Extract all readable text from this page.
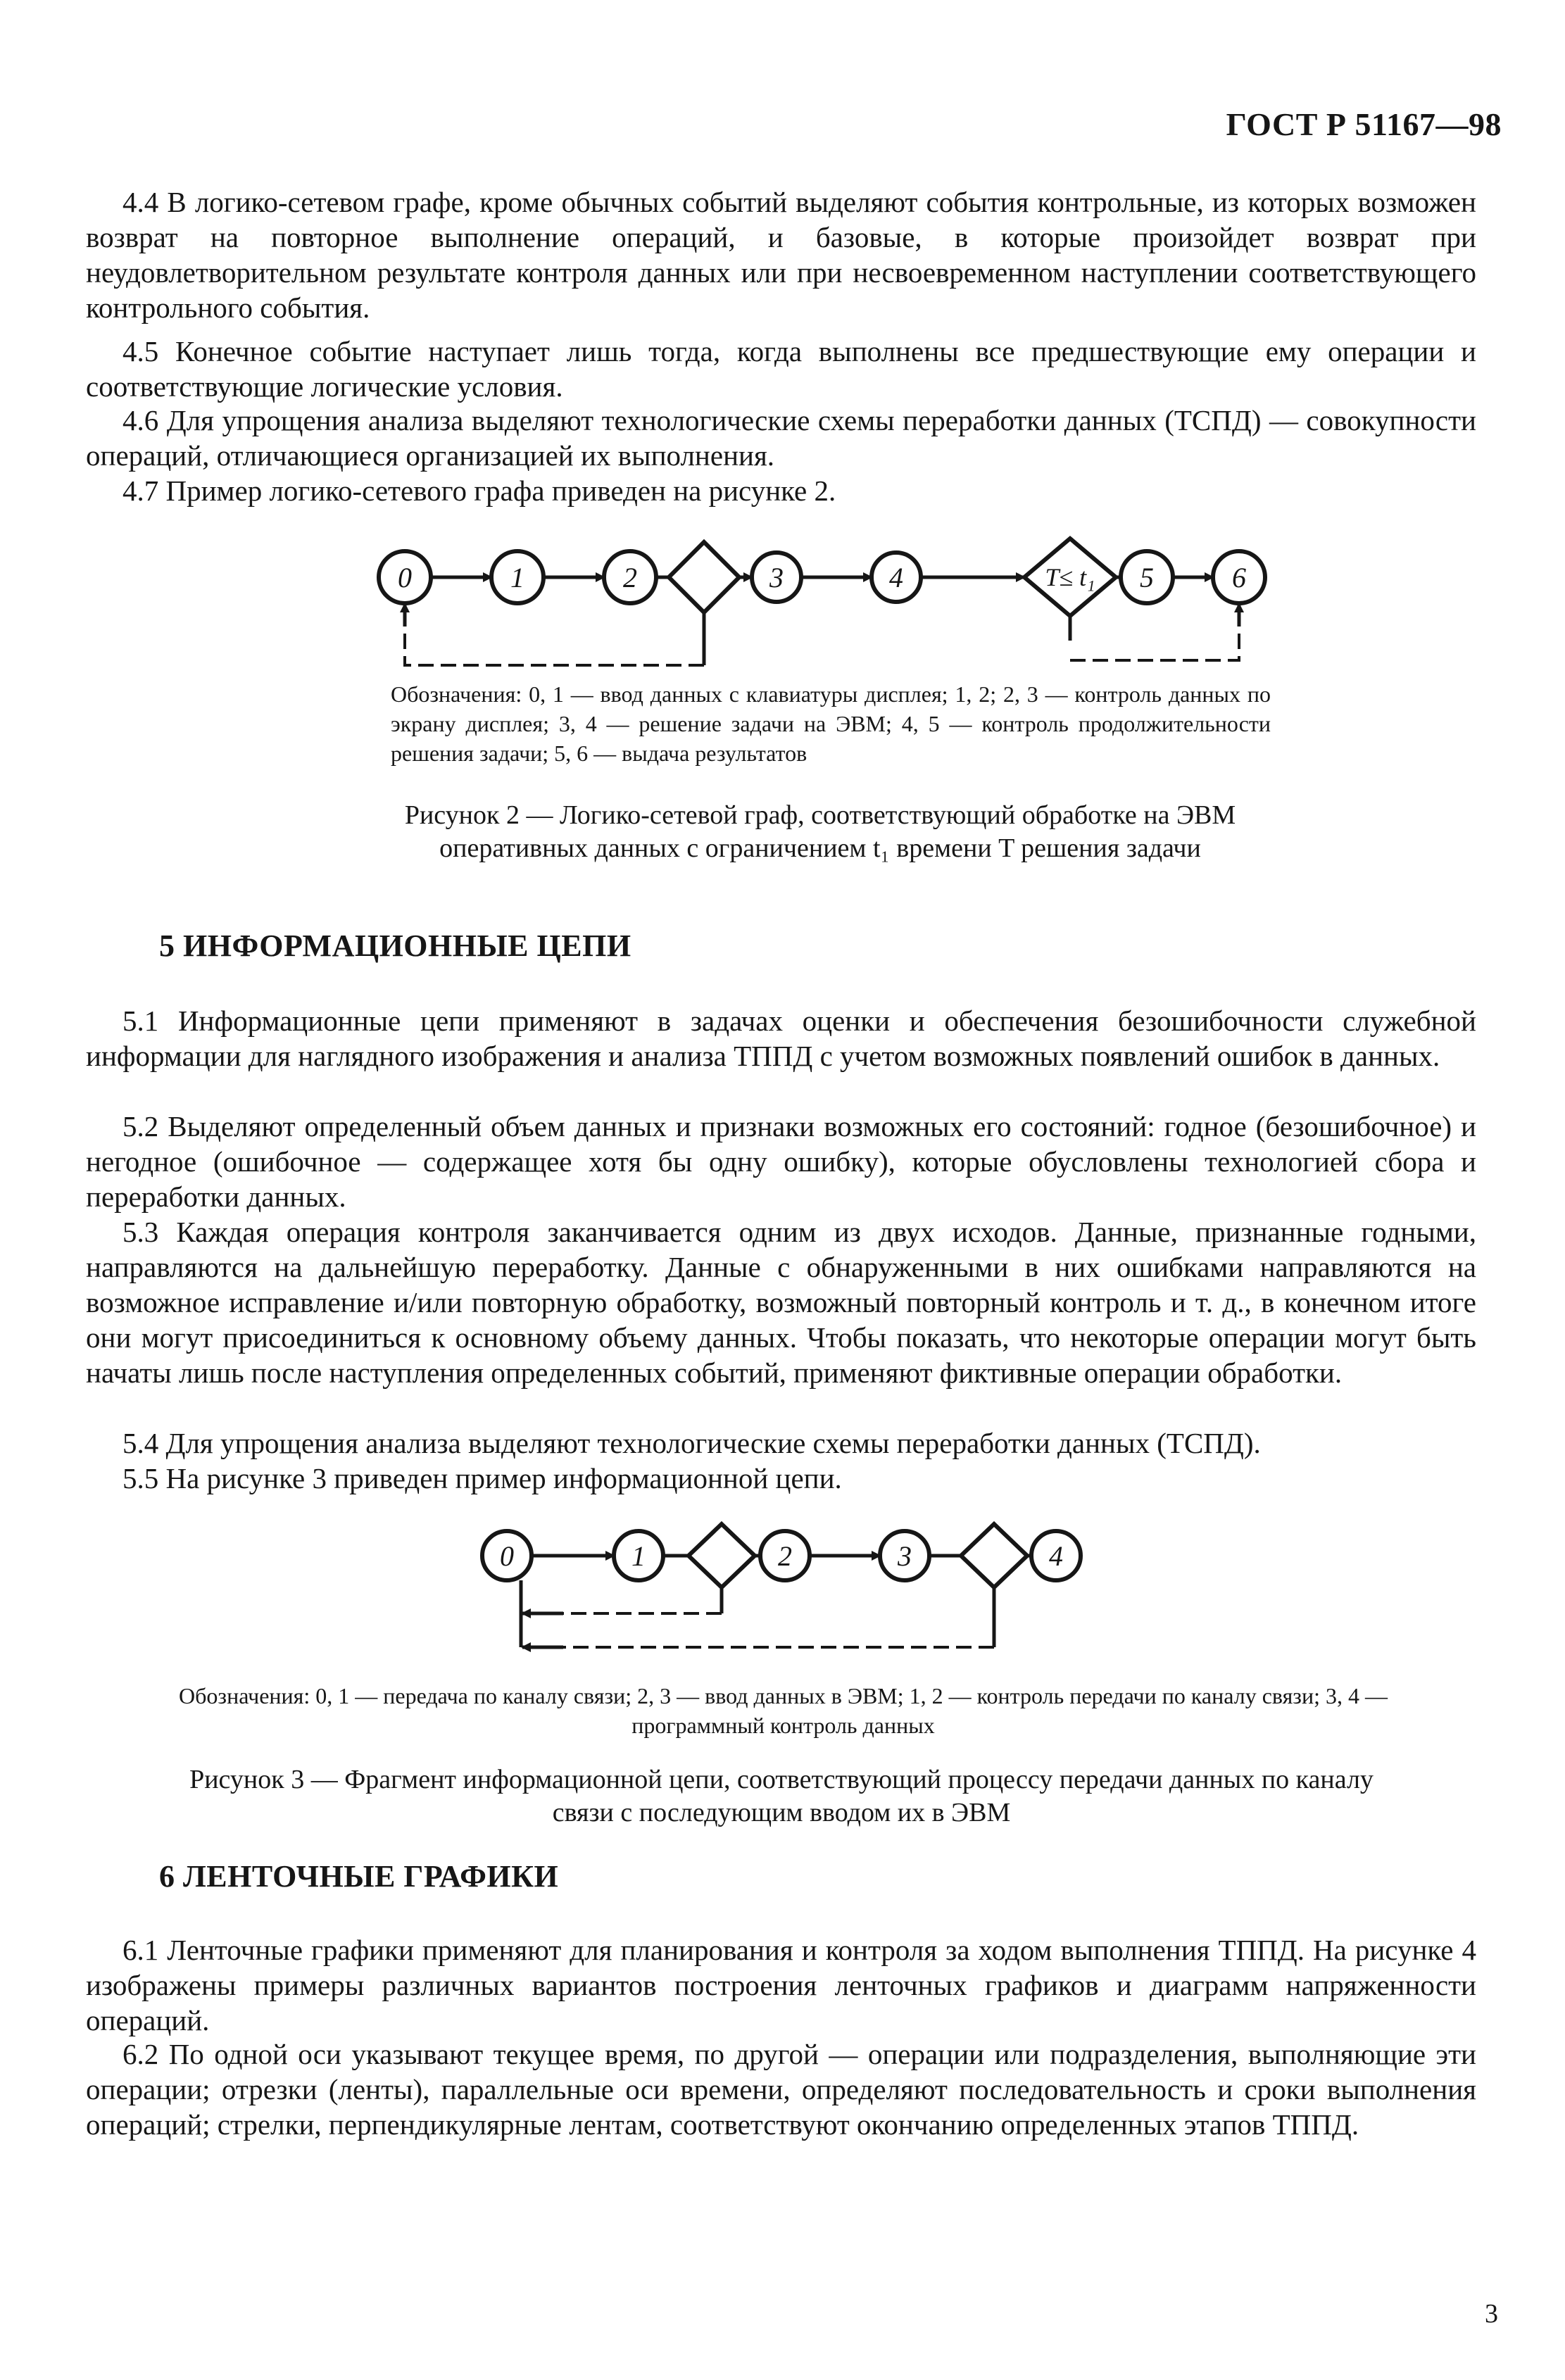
ГОСТ Р 51167—98

4.4 В логико-сетевом графе, кроме обычных событий выделяют события контрольные, из которых возможен возврат на повторное выполнение операций, и базовые, в которые произойдет возврат при неудовлетворительном результате контроля данных или при несвоевременном наступлении соответствующего контрольного события.

4.5 Конечное событие наступает лишь тогда, когда выполнены все предшествующие ему операции и соответствующие логические условия.

4.6 Для упрощения анализа выделяют технологические схемы переработки данных (ТСПД) — совокупности операций, отличающиеся организацией их выполнения.

4.7 Пример логико-сетевого графа приведен на рисунке 2.

T≤ t₁
0	1	2	3	4	5	6

Обозначения: 0, 1 — ввод данных с клавиатуры дисплея; 1, 2; 2, 3 — контроль данных по экрану дисплея; 3, 4 — решение задачи на ЭВМ; 4, 5 — контроль продолжительности решения задачи; 5, 6 — выдача результатов

Рисунок 2 — Логико-сетевой граф, соответствующий обработке на ЭВМ оперативных данных с ограничением t₁ времени T решения задачи

5 ИНФОРМАЦИОННЫЕ ЦЕПИ

5.1 Информационные цепи применяют в задачах оценки и обеспечения безошибочности служебной информации для наглядного изображения и анализа ТППД с учетом возможных появлений ошибок в данных.

5.2 Выделяют определенный объем данных и признаки возможных его состояний: годное (безошибочное) и негодное (ошибочное — содержащее хотя бы одну ошибку), которые обусловлены технологией сбора и переработки данных.

5.3 Каждая операция контроля заканчивается одним из двух исходов. Данные, признанные годными, направляются на дальнейшую переработку. Данные с обнаруженными в них ошибками направляются на возможное исправление и/или повторную обработку, возможный повторный контроль и т. д., в конечном итоге они могут присоединиться к основному объему данных. Чтобы показать, что некоторые операции могут быть начаты лишь после наступления определенных событий, применяют фиктивные операции обработки.

5.4 Для упрощения анализа выделяют технологические схемы переработки данных (ТСПД).

5.5 На рисунке 3 приведен пример информационной цепи.

0	1	2	3	4

Обозначения: 0, 1 — передача по каналу связи; 2, 3 — ввод данных в ЭВМ; 1, 2 — контроль передачи по каналу связи; 3, 4 — программный контроль данных

Рисунок 3 — Фрагмент информационной цепи, соответствующий процессу передачи данных по каналу связи с последующим вводом их в ЭВМ

6 ЛЕНТОЧНЫЕ ГРАФИКИ

6.1 Ленточные графики применяют для планирования и контроля за ходом выполнения ТППД. На рисунке 4 изображены примеры различных вариантов построения ленточных графиков и диаграмм напряженности операций.

6.2 По одной оси указывают текущее время, по другой — операции или подразделения, выполняющие эти операции; отрезки (ленты), параллельные оси времени, определяют последовательность и сроки выполнения операций; стрелки, перпендикулярные лентам, соответствуют окончанию определенных этапов ТППД.

3
